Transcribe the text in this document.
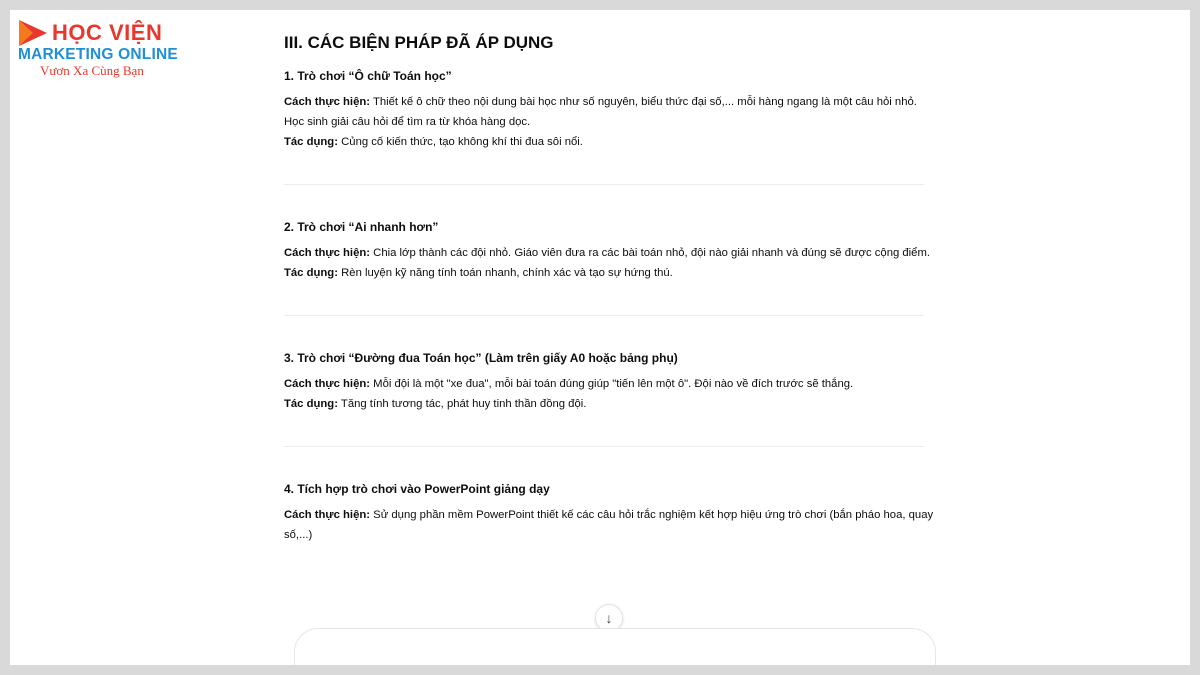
HỌC VIỆN
MARKETING ONLINE
Vươn Xa Cùng Bạn
III. CÁC BIỆN PHÁP ĐÃ ÁP DỤNG

1. Trò chơi “Ô chữ Toán học”

Cách thực hiện: Thiết kế ô chữ theo nội dung bài học như số nguyên, biểu thức đại số,... mỗi hàng ngang là một câu hỏi nhỏ. Học sinh giải câu hỏi để tìm ra từ khóa hàng dọc.

Tác dụng: Củng cố kiến thức, tạo không khí thi đua sôi nổi.

2. Trò chơi “Ai nhanh hơn”

Cách thực hiện: Chia lớp thành các đội nhỏ. Giáo viên đưa ra các bài toán nhỏ, đội nào giải nhanh và đúng sẽ được cộng điểm.

Tác dụng: Rèn luyện kỹ năng tính toán nhanh, chính xác và tạo sự hứng thú.

3. Trò chơi “Đường đua Toán học” (Làm trên giấy A0 hoặc bảng phụ)

Cách thực hiện: Mỗi đội là một "xe đua", mỗi bài toán đúng giúp "tiến lên một ô". Đội nào về đích trước sẽ thắng.

Tác dụng: Tăng tính tương tác, phát huy tinh thần đồng đội.

4. Tích hợp trò chơi vào PowerPoint giảng dạy

Cách thực hiện: Sử dụng phần mềm PowerPoint thiết kế các câu hỏi trắc nghiệm kết hợp hiệu ứng trò chơi (bắn pháo hoa, quay số,...)

↓
